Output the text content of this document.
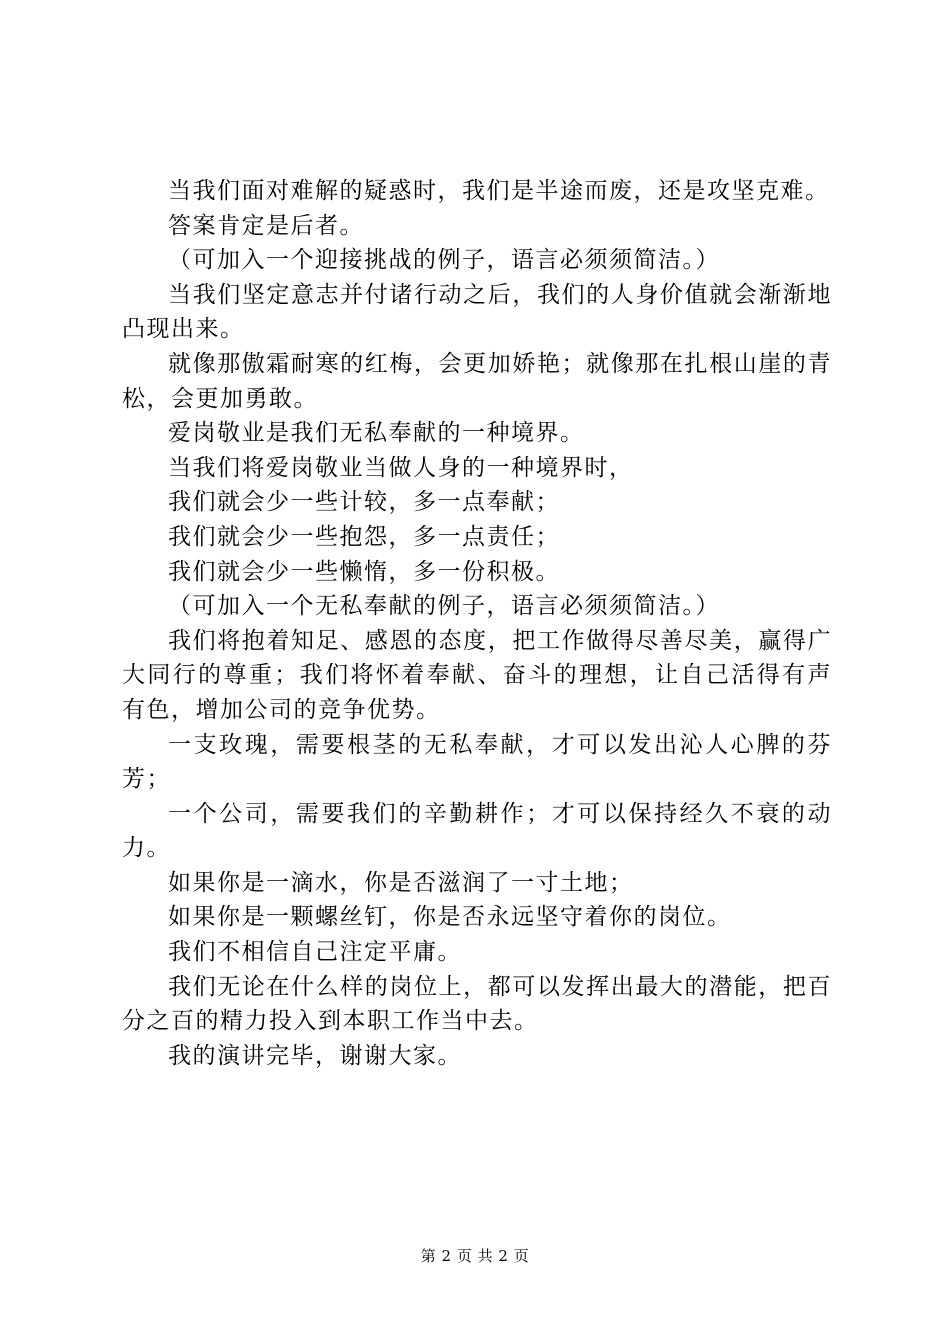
当我们面对难解的疑惑时，我们是半途而废，还是攻坚克难。

答案肯定是后者。

（可加入一个迎接挑战的例子，语言必须须简洁。）

当我们坚定意志并付诸行动之后，我们的人身价值就会渐渐地凸现出来。

就像那傲霜耐寒的红梅，会更加娇艳；就像那在扎根山崖的青松，会更加勇敢。

爱岗敬业是我们无私奉献的一种境界。

当我们将爱岗敬业当做人身的一种境界时，

我们就会少一些计较，多一点奉献；

我们就会少一些抱怨，多一点责任；

我们就会少一些懒惰，多一份积极。

（可加入一个无私奉献的例子，语言必须须简洁。）

我们将抱着知足、感恩的态度，把工作做得尽善尽美，赢得广大同行的尊重；我们将怀着奉献、奋斗的理想，让自己活得有声有色，增加公司的竞争优势。

一支玫瑰，需要根茎的无私奉献，才可以发出沁人心脾的芬芳；

一个公司，需要我们的辛勤耕作；才可以保持经久不衰的动力。

如果你是一滴水，你是否滋润了一寸土地；

如果你是一颗螺丝钉，你是否永远坚守着你的岗位。

我们不相信自己注定平庸。

我们无论在什么样的岗位上，都可以发挥出最大的潜能，把百分之百的精力投入到本职工作当中去。

我的演讲完毕，谢谢大家。

第 2 页 共 2 页
